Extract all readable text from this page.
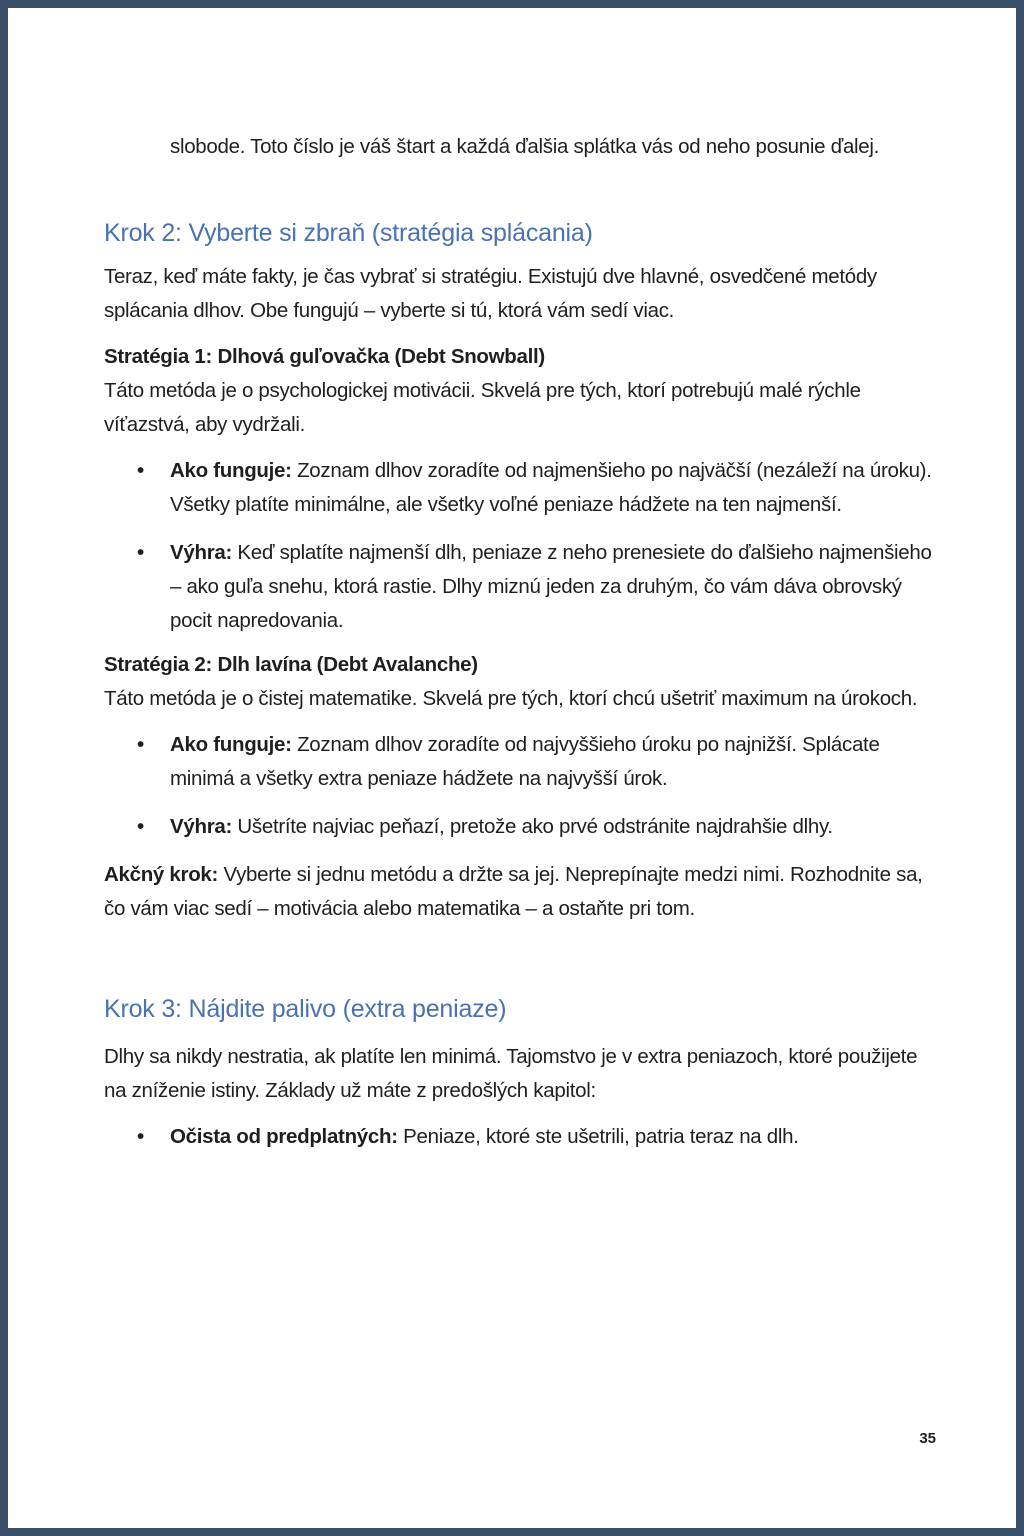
slobode. Toto číslo je váš štart a každá ďalšia splátka vás od neho posunie ďalej.

Krok 2: Vyberte si zbraň (stratégia splácania)

Teraz, keď máte fakty, je čas vybrať si stratégiu. Existujú dve hlavné, osvedčené metódy splácania dlhov. Obe fungujú – vyberte si tú, ktorá vám sedí viac.

Stratégia 1: Dlhová guľovačka (Debt Snowball)

Táto metóda je o psychologickej motivácii. Skvelá pre tých, ktorí potrebujú malé rýchle víťazstvá, aby vydržali.

• Ako funguje: Zoznam dlhov zoradíte od najmenšieho po najväčší (nezáleží na úroku). Všetky platíte minimálne, ale všetky voľné peniaze hádžete na ten najmenší.
• Výhra: Keď splatíte najmenší dlh, peniaze z neho prenesiete do ďalšieho najmenšieho – ako guľa snehu, ktorá rastie. Dlhy miznú jeden za druhým, čo vám dáva obrovský pocit napredovania.

Stratégia 2: Dlh lavína (Debt Avalanche)

Táto metóda je o čistej matematike. Skvelá pre tých, ktorí chcú ušetriť maximum na úrokoch.

• Ako funguje: Zoznam dlhov zoradíte od najvyššieho úroku po najnižší. Splácate minimá a všetky extra peniaze hádžete na najvyšší úrok.
• Výhra: Ušetríte najviac peňazí, pretože ako prvé odstránite najdrahšie dlhy.

Akčný krok: Vyberte si jednu metódu a držte sa jej. Neprepínajte medzi nimi. Rozhodnite sa, čo vám viac sedí – motivácia alebo matematika – a ostaňte pri tom.

Krok 3: Nájdite palivo (extra peniaze)

Dlhy sa nikdy nestratia, ak platíte len minimá. Tajomstvo je v extra peniazoch, ktoré použijete na zníženie istiny. Základy už máte z predošlých kapitol:

• Očista od predplatných: Peniaze, ktoré ste ušetrili, patria teraz na dlh.
35
